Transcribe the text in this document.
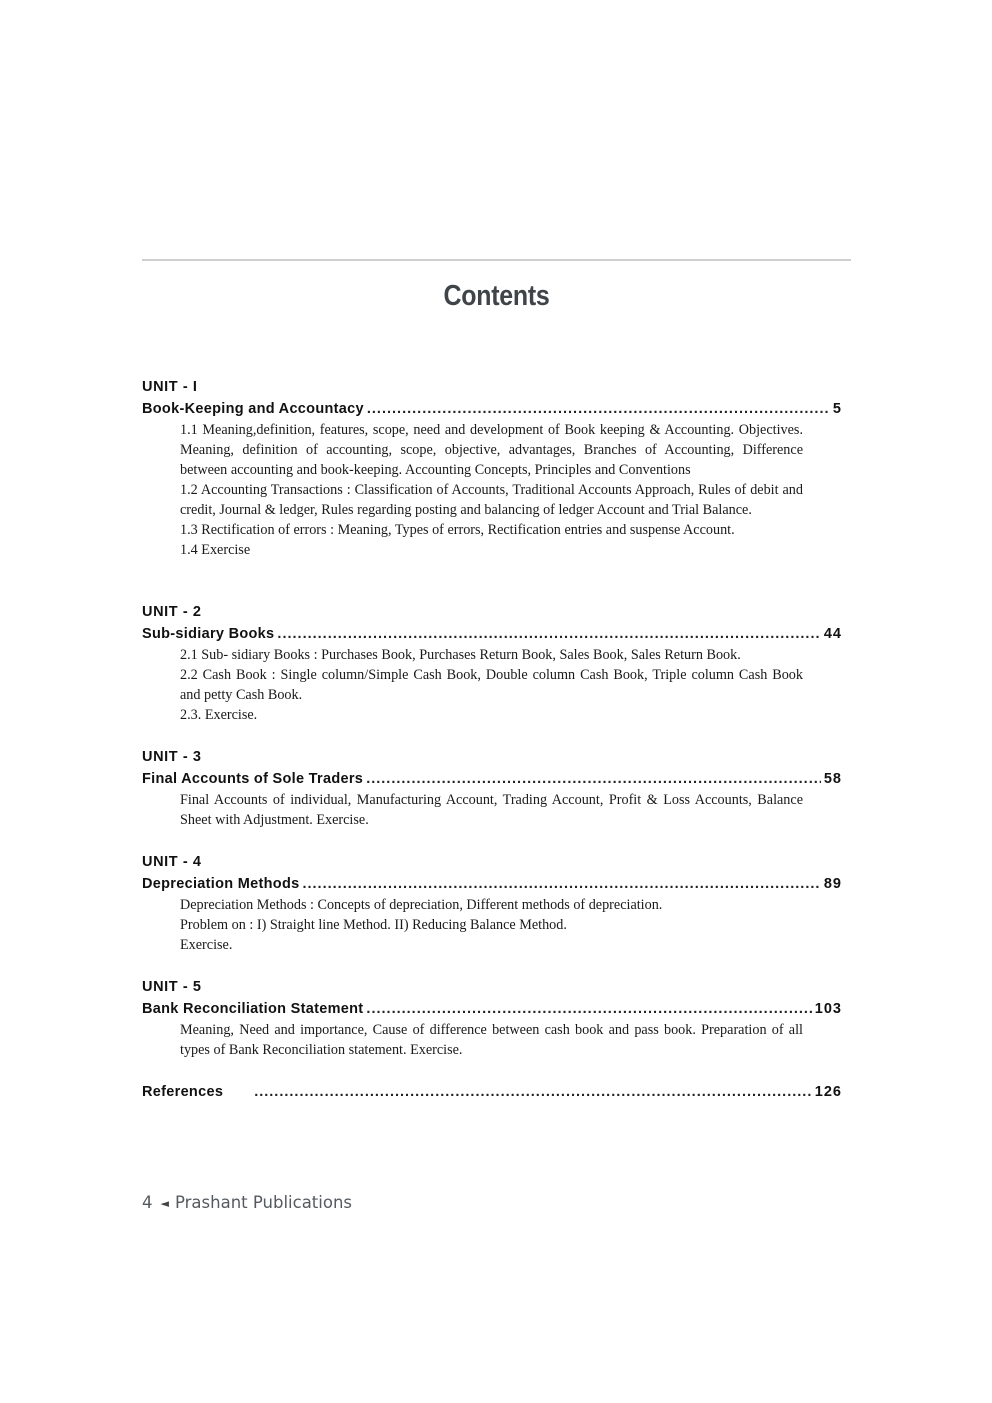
Contents
UNIT - I
Book-Keeping and Accountacy .....	5

1.1 Meaning,definition, features, scope, need and development of Book keeping & Accounting. Objectives. Meaning, definition of accounting, scope, objective, advantages, Branches of Accounting, Difference between accounting and book-keeping. Accounting Concepts, Principles and Conventions

1.2 Accounting Transactions : Classification of Accounts, Traditional Accounts Approach, Rules of debit and credit, Journal & ledger, Rules regarding posting and balancing of ledger Account and Trial Balance.

1.3 Rectification of errors : Meaning, Types of errors, Rectification entries and suspense Account.

1.4 Exercise

UNIT - 2
Sub-sidiary Books .....	44

2.1 Sub- sidiary Books : Purchases Book, Purchases Return Book, Sales Book, Sales Return Book.

2.2 Cash Book : Single column/Simple Cash Book, Double column Cash Book, Triple column Cash Book and petty Cash Book.

2.3. Exercise.

UNIT - 3
Final Accounts of Sole Traders .....	58

Final Accounts of individual, Manufacturing Account, Trading Account, Profit & Loss Accounts, Balance Sheet with Adjustment. Exercise.

UNIT - 4
Depreciation Methods .....	89

Depreciation Methods : Concepts of depreciation, Different methods of depreciation.

Problem on : I) Straight line Method. II) Reducing Balance Method.

Exercise.

UNIT - 5
Bank Reconciliation Statement .....	103

Meaning, Need and importance, Cause of difference between cash book and pass book. Preparation of all types of Bank Reconciliation statement. Exercise.

References .....	126
4 ◄ Prashant Publications
